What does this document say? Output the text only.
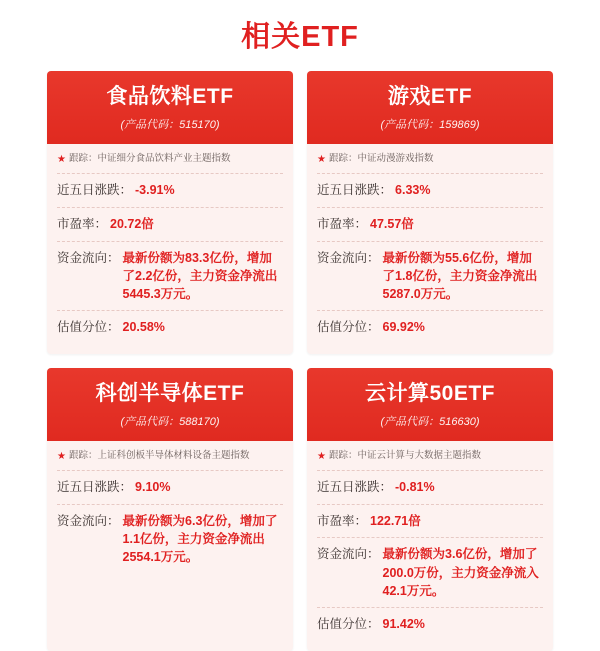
相关ETF
食品饮料ETF
(产品代码：515170)
★ 跟踪： 中证细分食品饮料产业主题指数
近五日涨跌： -3.91%
市盈率： 20.72倍
资金流向： 最新份额为83.3亿份，增加了2.2亿份，主力资金净流出5445.3万元。
估值分位： 20.58%
游戏ETF
(产品代码：159869)
★ 跟踪： 中证动漫游戏指数
近五日涨跌： 6.33%
市盈率： 47.57倍
资金流向： 最新份额为55.6亿份，增加了1.8亿份，主力资金净流出5287.0万元。
估值分位： 69.92%
科创半导体ETF
(产品代码：588170)
★ 跟踪： 上证科创板半导体材料设备主题指数
近五日涨跌： 9.10%
资金流向： 最新份额为6.3亿份，增加了1.1亿份，主力资金净流出2554.1万元。
云计算50ETF
(产品代码：516630)
★ 跟踪： 中证云计算与大数据主题指数
近五日涨跌： -0.81%
市盈率： 122.71倍
资金流向： 最新份额为3.6亿份，增加了200.0万份，主力资金净流入42.1万元。
估值分位： 91.42%
